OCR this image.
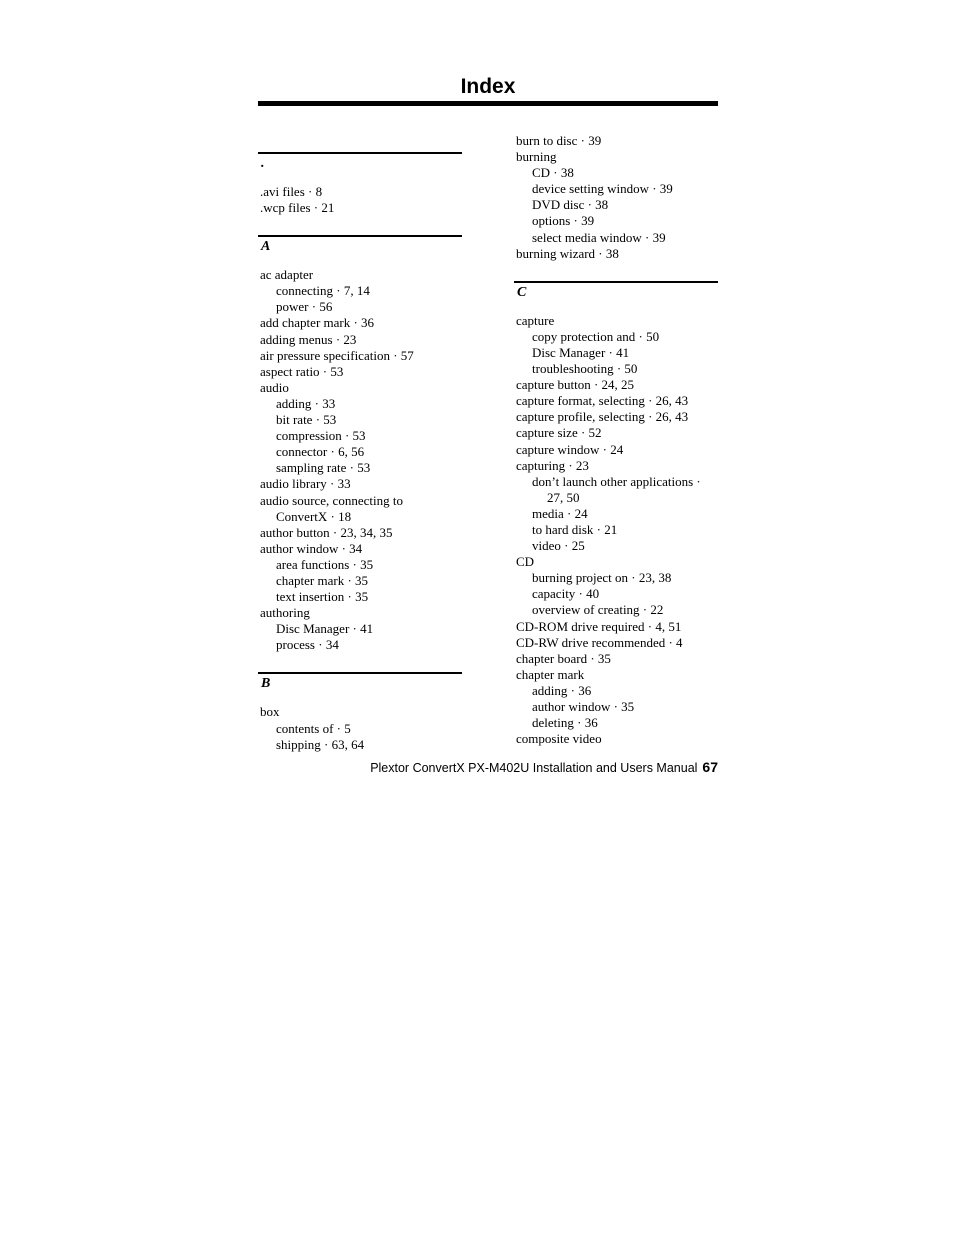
Index
.
.avi files · 8
.wcp files · 21
A
ac adapter
connecting · 7, 14
power · 56
add chapter mark · 36
adding menus · 23
air pressure specification · 57
aspect ratio · 53
audio
adding · 33
bit rate · 53
compression · 53
connector · 6, 56
sampling rate · 53
audio library · 33
audio source, connecting to
ConvertX · 18
author button · 23, 34, 35
author window · 34
area functions · 35
chapter mark · 35
text insertion · 35
authoring
Disc Manager · 41
process · 34
B
box
contents of · 5
shipping · 63, 64
burn to disc · 39
burning
CD · 38
device setting window · 39
DVD disc · 38
options · 39
select media window · 39
burning wizard · 38
C
capture
copy protection and · 50
Disc Manager · 41
troubleshooting · 50
capture button · 24, 25
capture format, selecting · 26, 43
capture profile, selecting · 26, 43
capture size · 52
capture window · 24
capturing · 23
don’t launch other applications ·
27, 50
media · 24
to hard disk · 21
video · 25
CD
burning project on · 23, 38
capacity · 40
overview of creating · 22
CD-ROM drive required · 4, 51
CD-RW drive recommended · 4
chapter board · 35
chapter mark
adding · 36
author window · 35
deleting · 36
composite video
Plextor ConvertX PX-M402U Installation and Users Manual 67
